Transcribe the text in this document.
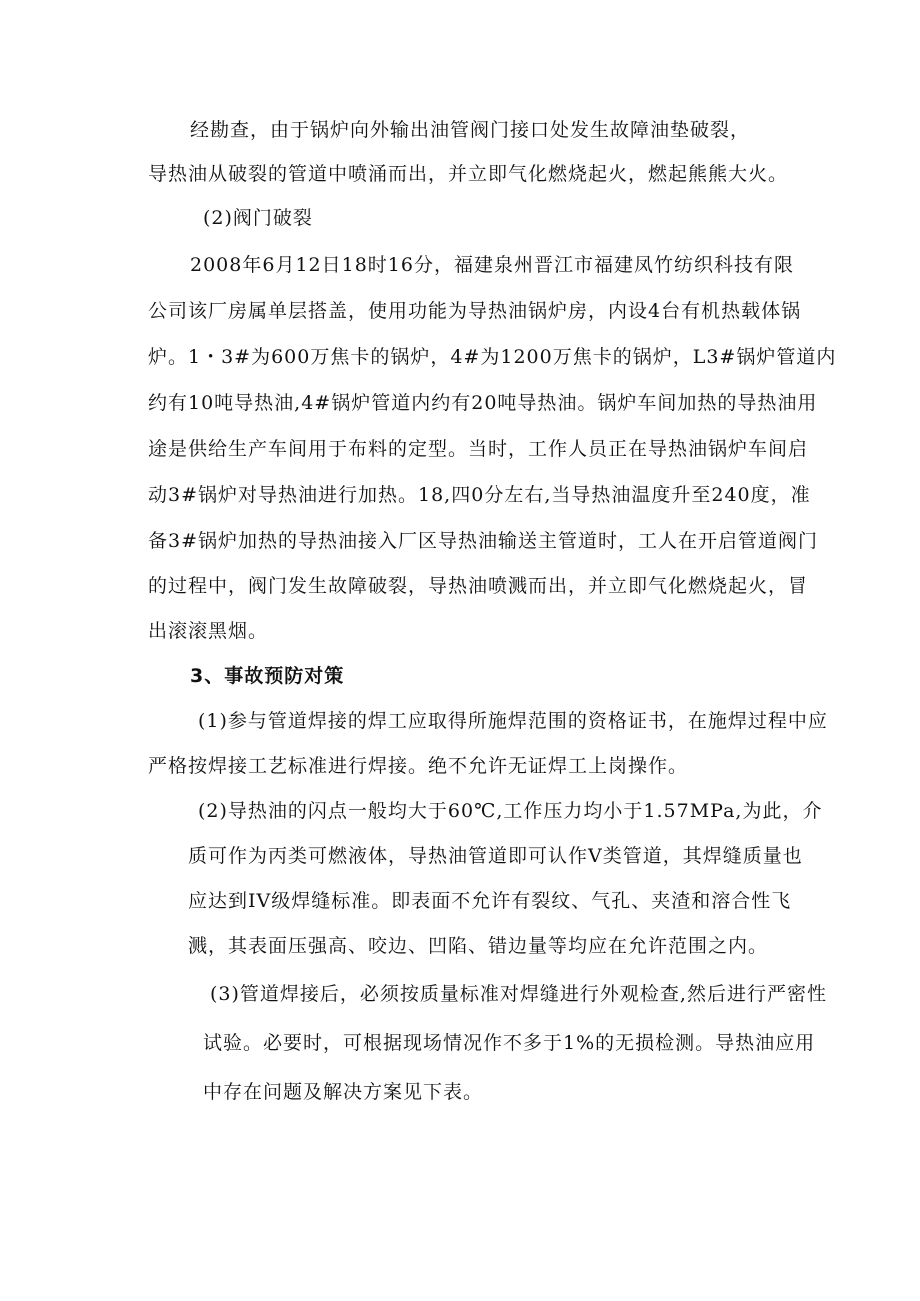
经勘查，由于锅炉向外输出油管阀门接口处发生故障油垫破裂，

导热油从破裂的管道中喷涌而出，并立即气化燃烧起火，燃起熊熊大火。

(2)阀门破裂

2008年6月12日18时16分，福建泉州晋江市福建凤竹纺织科技有限

公司该厂房属单层搭盖，使用功能为导热油锅炉房，内设4台有机热载体锅

炉。1・3#为600万焦卡的锅炉，4#为1200万焦卡的锅炉，L3#锅炉管道内

约有10吨导热油,4#锅炉管道内约有20吨导热油。锅炉车间加热的导热油用

途是供给生产车间用于布料的定型。当时，工作人员正在导热油锅炉车间启

动3#锅炉对导热油进行加热。18,四0分左右,当导热油温度升至240度，准

备3#锅炉加热的导热油接入厂区导热油输送主管道时，工人在开启管道阀门

的过程中，阀门发生故障破裂，导热油喷溅而出，并立即气化燃烧起火，冒

出滚滚黑烟。

3、事故预防对策

(1)参与管道焊接的焊工应取得所施焊范围的资格证书，在施焊过程中应

严格按焊接工艺标准进行焊接。绝不允许无证焊工上岗操作。

(2)导热油的闪点一般均大于60℃,工作压力均小于1.57MPa,为此，介

质可作为丙类可燃液体，导热油管道即可认作V类管道，其焊缝质量也

应达到IV级焊缝标准。即表面不允许有裂纹、气孔、夹渣和溶合性飞

溅，其表面压强高、咬边、凹陷、错边量等均应在允许范围之内。

(3)管道焊接后，必须按质量标准对焊缝进行外观检查,然后进行严密性

试验。必要时，可根据现场情况作不多于1%的无损检测。导热油应用

中存在问题及解决方案见下表。
